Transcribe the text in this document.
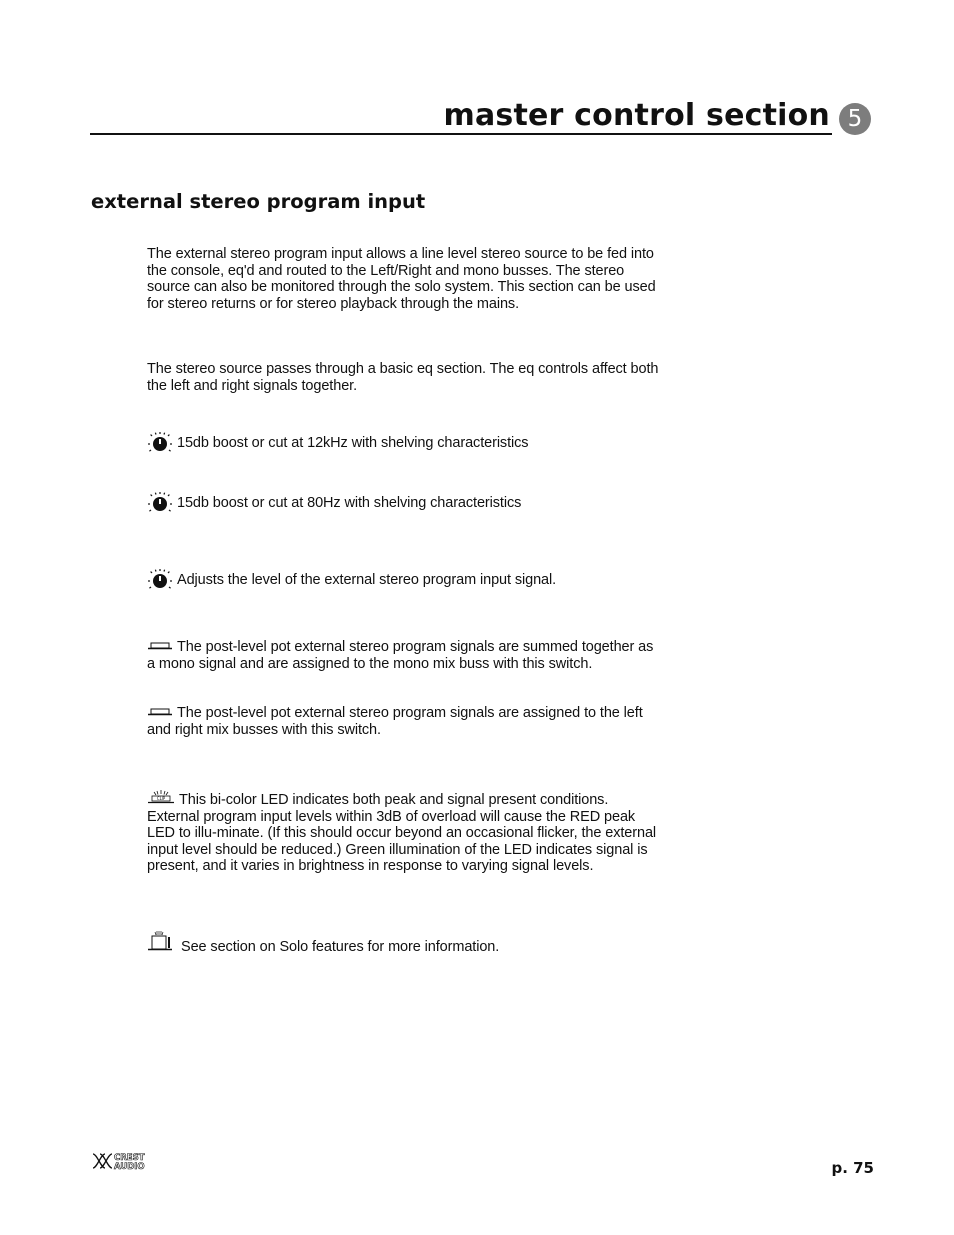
master control section 5
external stereo program input
The external stereo program input allows a line level stereo source to be fed into the console, eq'd and routed to the Left/Right and mono busses. The stereo source can also be monitored through the solo system. This section can be used for stereo returns or for stereo playback through the mains.
The stereo source passes through a basic eq section. The eq controls affect both the left and right signals together.
15db boost or cut at 12kHz with shelving characteristics
15db boost or cut at 80Hz with shelving characteristics
Adjusts the level of the external stereo program input signal.
The post-level pot external stereo program signals are summed together as a mono signal and are assigned to the mono mix buss with this switch.
The post-level pot external stereo program signals are assigned to the left and right mix busses with this switch.
CLIP This bi-color LED indicates both peak and signal present conditions. External program input levels within 3dB of overload will cause the RED peak LED to illu-minate. (If this should occur beyond an occasional flicker, the external input level should be reduced.) Green illumination of the LED indicates signal is present, and it varies in brightness in response to varying signal levels.
See section on Solo features for more information.
CREST
AUDIO	p. 75
